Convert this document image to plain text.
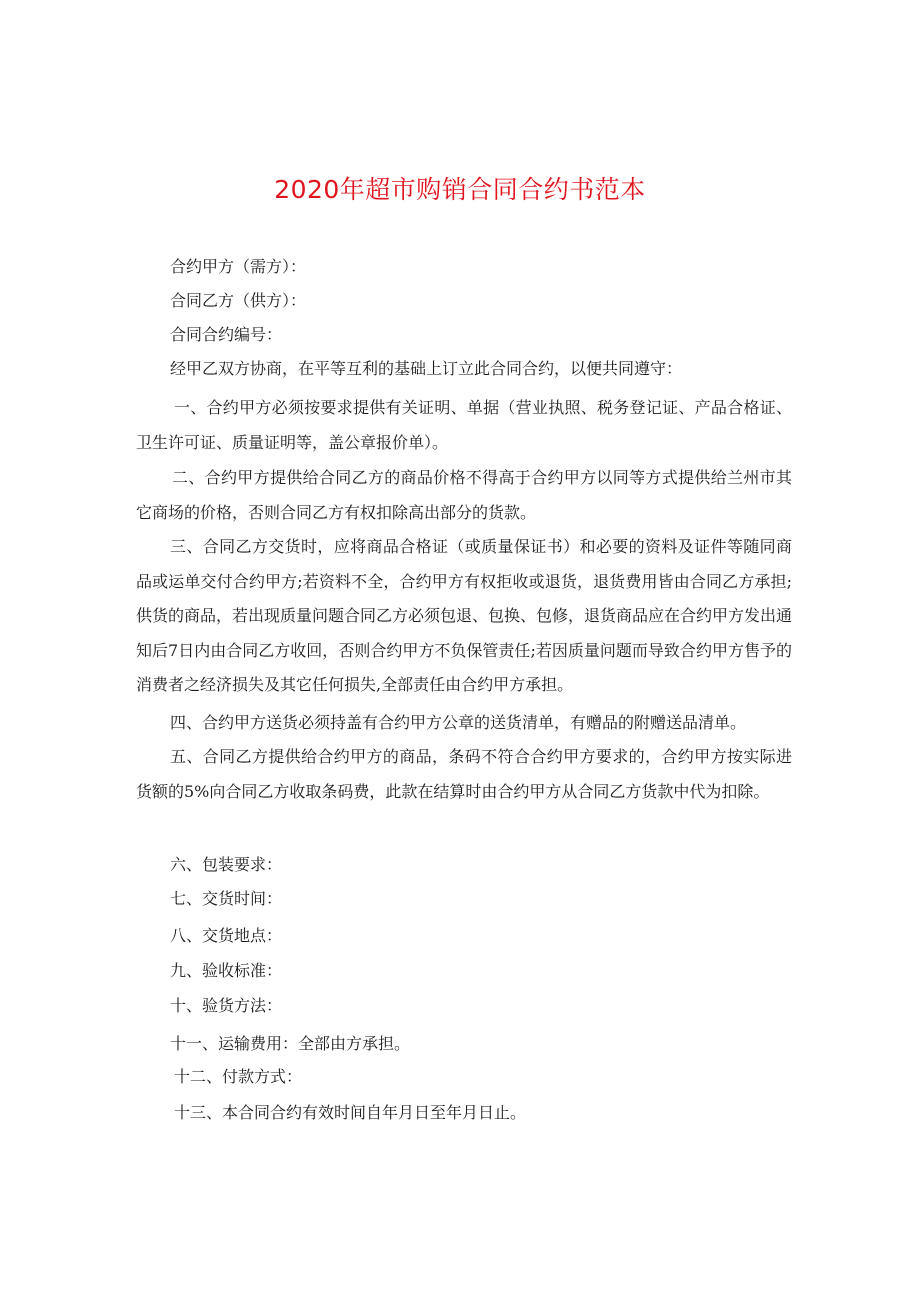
2020年超市购销合同合约书范本
合约甲方（需方）：
合同乙方（供方）：
合同合约编号：
经甲乙双方协商，在平等互利的基础上订立此合同合约，以便共同遵守：

一、合约甲方必须按要求提供有关证明、单据（营业执照、税务登记证、产品合格证、卫生许可证、质量证明等，盖公章报价单）。

二、合约甲方提供给合同乙方的商品价格不得高于合约甲方以同等方式提供给兰州市其它商场的价格，否则合同乙方有权扣除高出部分的货款。

三、合同乙方交货时，应将商品合格证（或质量保证书）和必要的资料及证件等随同商品或运单交付合约甲方;若资料不全，合约甲方有权拒收或退货，退货费用皆由合同乙方承担;供货的商品，若出现质量问题合同乙方必须包退、包换、包修，退货商品应在合约甲方发出通知后7日内由合同乙方收回，否则合约甲方不负保管责任;若因质量问题而导致合约甲方售予的消费者之经济损失及其它任何损失,全部责任由合约甲方承担。

四、合约甲方送货必须持盖有合约甲方公章的送货清单，有赠品的附赠送品清单。

五、合同乙方提供给合约甲方的商品，条码不符合合约甲方要求的，合约甲方按实际进货额的5%向合同乙方收取条码费，此款在结算时由合约甲方从合同乙方货款中代为扣除。

六、包装要求：
七、交货时间：
八、交货地点：
九、验收标准：
十、验货方法：
十一、运输费用：全部由方承担。
十二、付款方式：
十三、本合同合约有效时间自年月日至年月日止。
